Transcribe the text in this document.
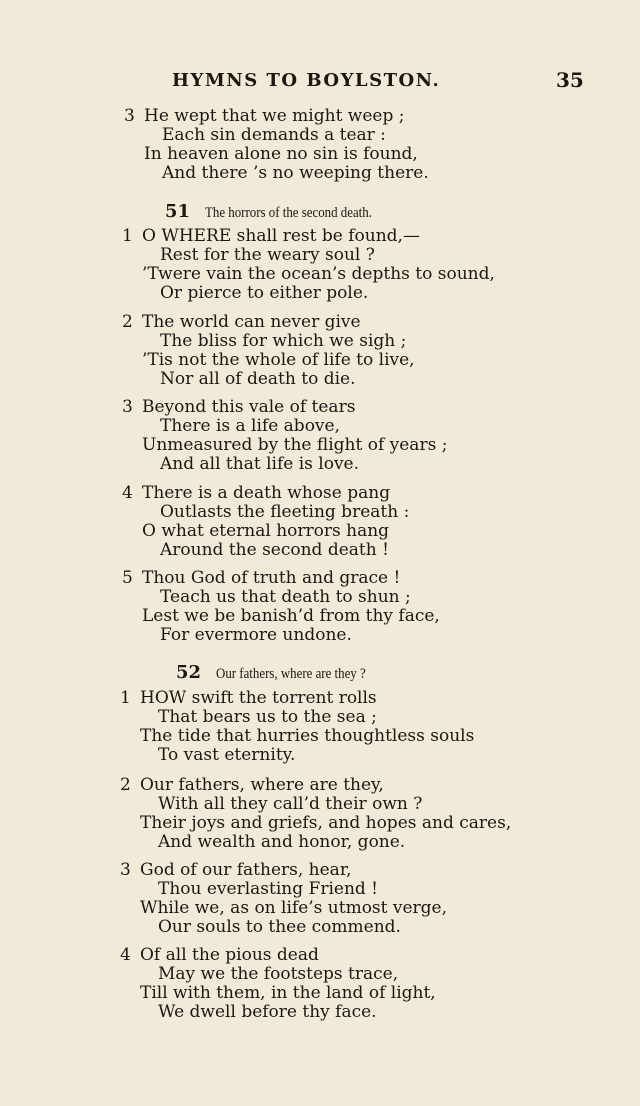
HYMNS TO BOYLSTON.	35
3 He wept that we might weep ;
Each sin demands a tear :
In heaven alone no sin is found,
And there ’s no weeping there.
51 The horrors of the second death.
1 O WHERE shall rest be found,—
Rest for the weary soul ?
’Twere vain the ocean’s depths to sound,
Or pierce to either pole.
2 The world can never give
The bliss for which we sigh ;
’Tis not the whole of life to live,
Nor all of death to die.
3 Beyond this vale of tears
There is a life above,
Unmeasured by the flight of years ;
And all that life is love.
4 There is a death whose pang
Outlasts the fleeting breath :
O what eternal horrors hang
Around the second death !
5 Thou God of truth and grace !
Teach us that death to shun ;
Lest we be banish’d from thy face,
For evermore undone.
52 Our fathers, where are they ?
1 HOW swift the torrent rolls
That bears us to the sea ;
The tide that hurries thoughtless souls
To vast eternity.
2 Our fathers, where are they,
With all they call’d their own ?
Their joys and griefs, and hopes and cares,
And wealth and honor, gone.
3 God of our fathers, hear,
Thou everlasting Friend !
While we, as on life’s utmost verge,
Our souls to thee commend.
4 Of all the pious dead
May we the footsteps trace,
Till with them, in the land of light,
We dwell before thy face.
